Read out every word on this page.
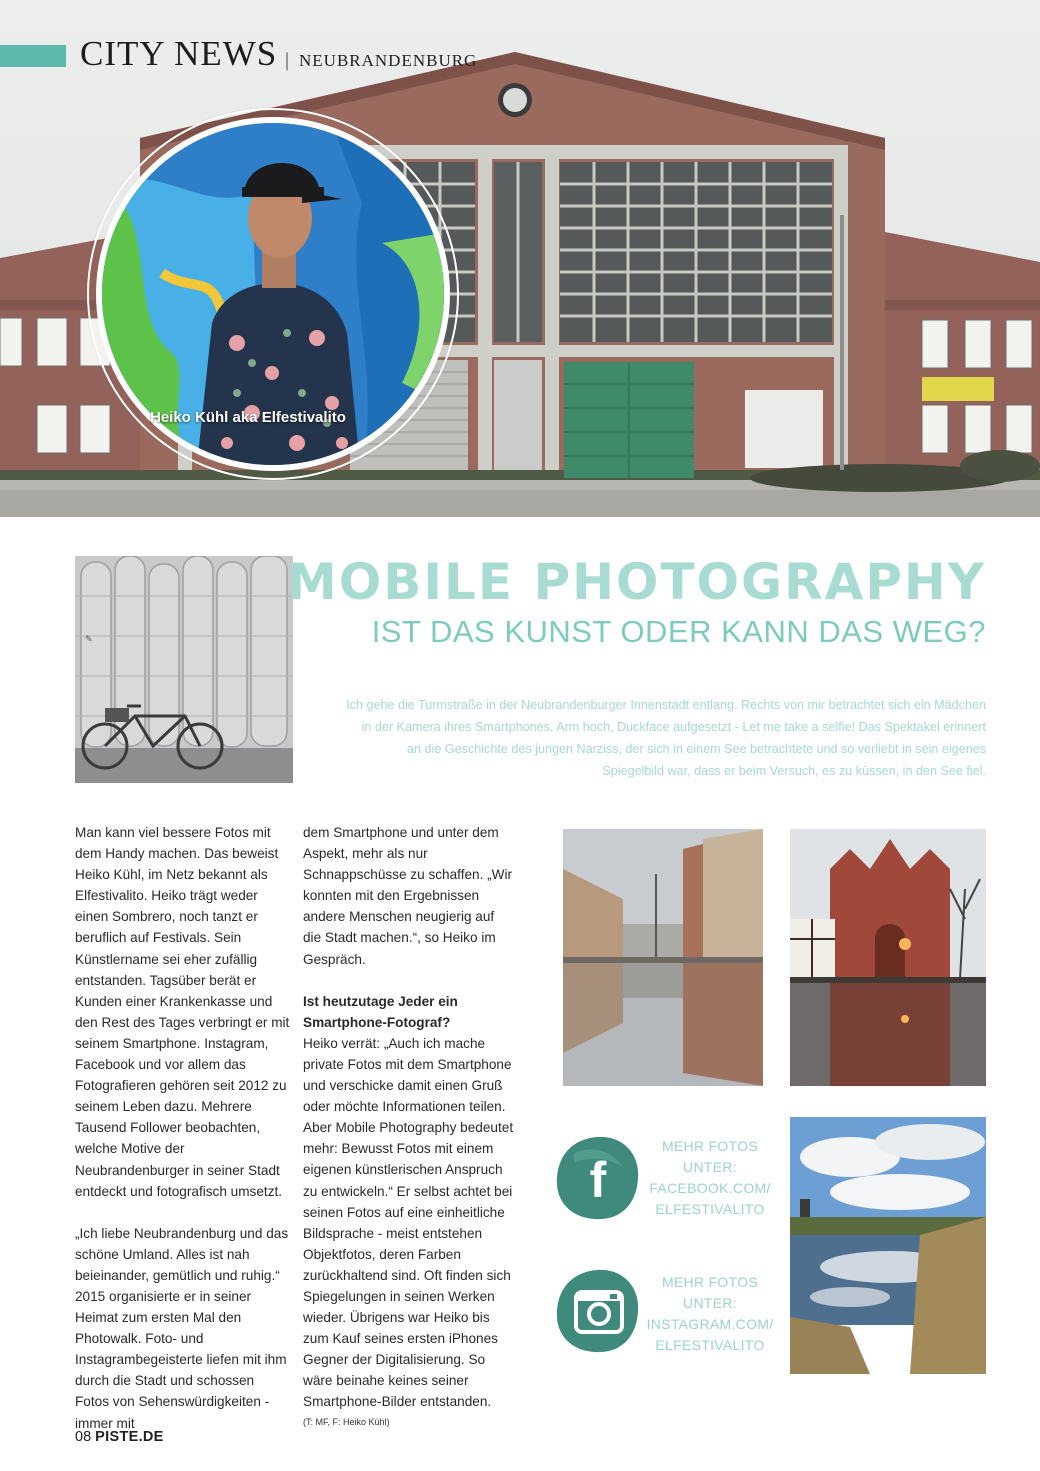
CITY NEWS | NEUBRANDENBURG
Heiko Kühl aka Elfestivalito
✎
MOBILE PHOTOGRAPHY
IST DAS KUNST ODER KANN DAS WEG?
Ich gehe die Turmstraße in der Neubrandenburger Innenstadt entlang. Rechts von mir betrachtet sich ein Mädchen in der Kamera ihres Smartphones. Arm hoch, Duckface aufgesetzt - Let me take a selfie! Das Spektakel erinnert an die Geschichte des jungen Narziss, der sich in einem See betrachtete und so verliebt in sein eigenes Spiegelbild war, dass er beim Versuch, es zu küssen, in den See fiel.

Man kann viel bessere Fotos mit dem Handy machen. Das beweist Heiko Kühl, im Netz bekannt als Elfestivalito. Heiko trägt weder einen Sombrero, noch tanzt er beruflich auf Festivals. Sein Künstlername sei eher zufällig entstanden. Tagsüber berät er Kunden einer Krankenkasse und den Rest des Tages verbringt er mit seinem Smartphone. Instagram, Facebook und vor allem das Fotografieren gehören seit 2012 zu seinem Leben dazu. Mehrere Tausend Follower beobachten, welche Motive der Neubrandenburger in seiner Stadt entdeckt und fotografisch umsetzt.

„Ich liebe Neubrandenburg und das schöne Umland. Alles ist nah beieinander, gemütlich und ruhig.“ 2015 organisierte er in seiner Heimat zum ersten Mal den Photowalk. Foto- und Instagrambegeisterte liefen mit ihm durch die Stadt und schossen Fotos von Sehenswürdigkeiten - immer mit

dem Smartphone und unter dem Aspekt, mehr als nur Schnappschüsse zu schaffen. „Wir konnten mit den Ergebnissen andere Menschen neugierig auf die Stadt machen.“, so Heiko im Gespräch.

Ist heutzutage Jeder ein Smartphone-Fotograf?

Heiko verrät: „Auch ich mache private Fotos mit dem Smartphone und verschicke damit einen Gruß oder möchte Informationen teilen. Aber Mobile Photography bedeutet mehr: Bewusst Fotos mit einem eigenen künstlerischen Anspruch zu entwickeln.“ Er selbst achtet bei seinen Fotos auf eine einheitliche Bildsprache - meist entstehen Objektfotos, deren Farben zurückhaltend sind. Oft finden sich Spiegelungen in seinen Werken wieder. Übrigens war Heiko bis zum Kauf seines ersten iPhones Gegner der Digitalisierung. So wäre beinahe keines seiner Smartphone-Bilder entstanden.

(T: MF, F: Heiko Kühl)
f
MEHR FOTOS
UNTER:
FACEBOOK.COM/
ELFESTIVALITO
MEHR FOTOS
UNTER:
INSTAGRAM.COM/
ELFESTIVALITO
08 PISTE.DE
